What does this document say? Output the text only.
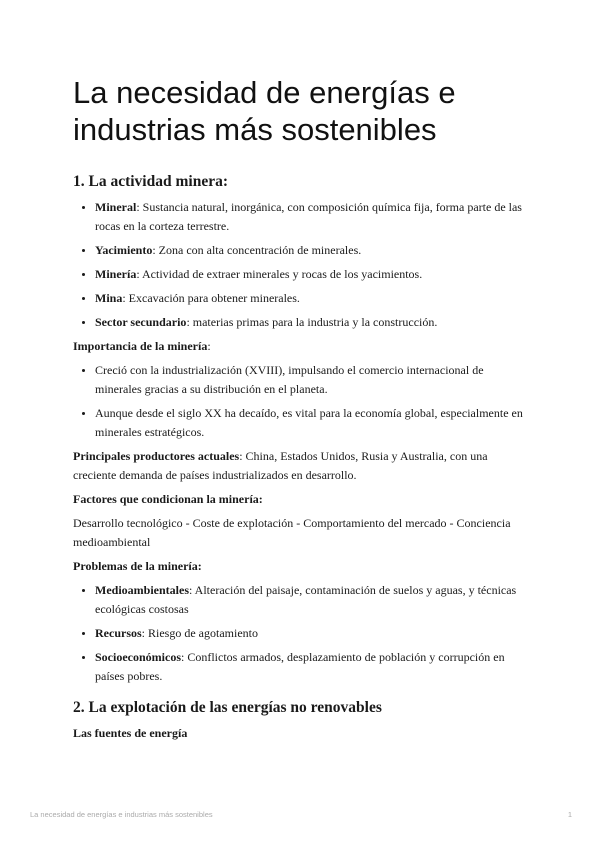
La necesidad de energías e industrias más sostenibles
1. La actividad minera:
• Mineral: Sustancia natural, inorgánica, con composición química fija, forma parte de las rocas en la corteza terrestre.
• Yacimiento: Zona con alta concentración de minerales.
• Minería: Actividad de extraer minerales y rocas de los yacimientos.
• Mina: Excavación para obtener minerales.
• Sector secundario: materias primas para la industria y la construcción.

Importancia de la minería:

• Creció con la industrialización (XVIII), impulsando el comercio internacional de minerales gracias a su distribución en el planeta.
• Aunque desde el siglo XX ha decaído, es vital para la economía global, especialmente en minerales estratégicos.

Principales productores actuales: China, Estados Unidos, Rusia y Australia, con una creciente demanda de países industrializados en desarrollo.

Factores que condicionan la minería:

Desarrollo tecnológico - Coste de explotación - Comportamiento del mercado - Conciencia medioambiental

Problemas de la minería:

• Medioambientales: Alteración del paisaje, contaminación de suelos y aguas, y técnicas ecológicas costosas
• Recursos: Riesgo de agotamiento
• Socioeconómicos: Conflictos armados, desplazamiento de población y corrupción en países pobres.
2. La explotación de las energías no renovables

Las fuentes de energía

La necesidad de energías e industrias más sostenibles	1
